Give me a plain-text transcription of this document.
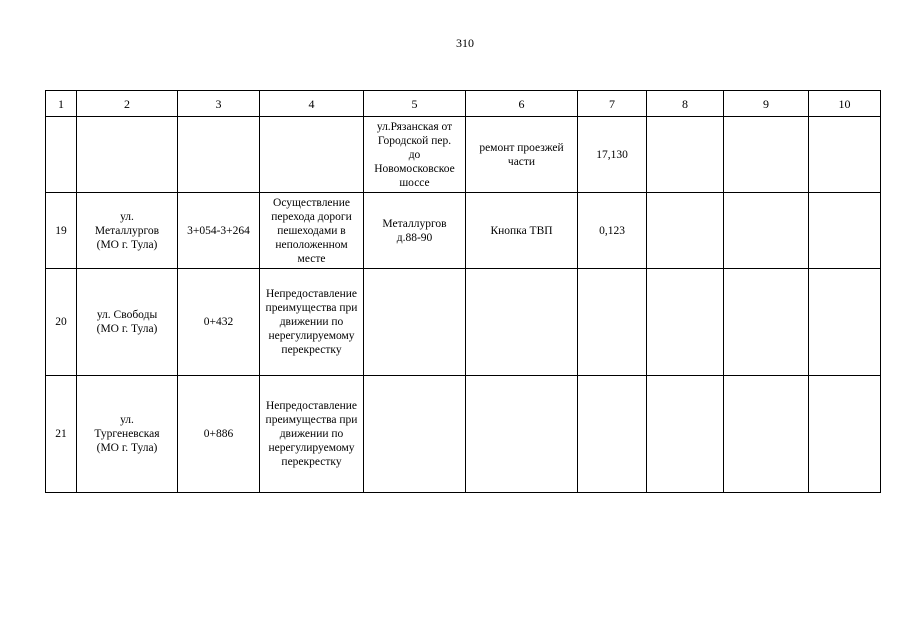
310
1	2	3	4	5	6	7	8	9	10

				ул.Рязанская от
Городской пер.
до
Новомосковское
шоссе	ремонт проезжей
части	17,130			

19	ул.
Металлургов
(МО г. Тула)	3+054-3+264	Осуществление
перехода дороги
пешеходами в
неположенном
месте	Металлургов
д.88-90	Кнопка ТВП	0,123			

20	ул. Свободы
(МО г. Тула)	0+432	Непредоставление
преимущества при
движении по
нерегулируемому
перекрестку						

21	ул.
Тургеневская
(МО г. Тула)	0+886	Непредоставление
преимущества при
движении по
нерегулируемому
перекрестку						
